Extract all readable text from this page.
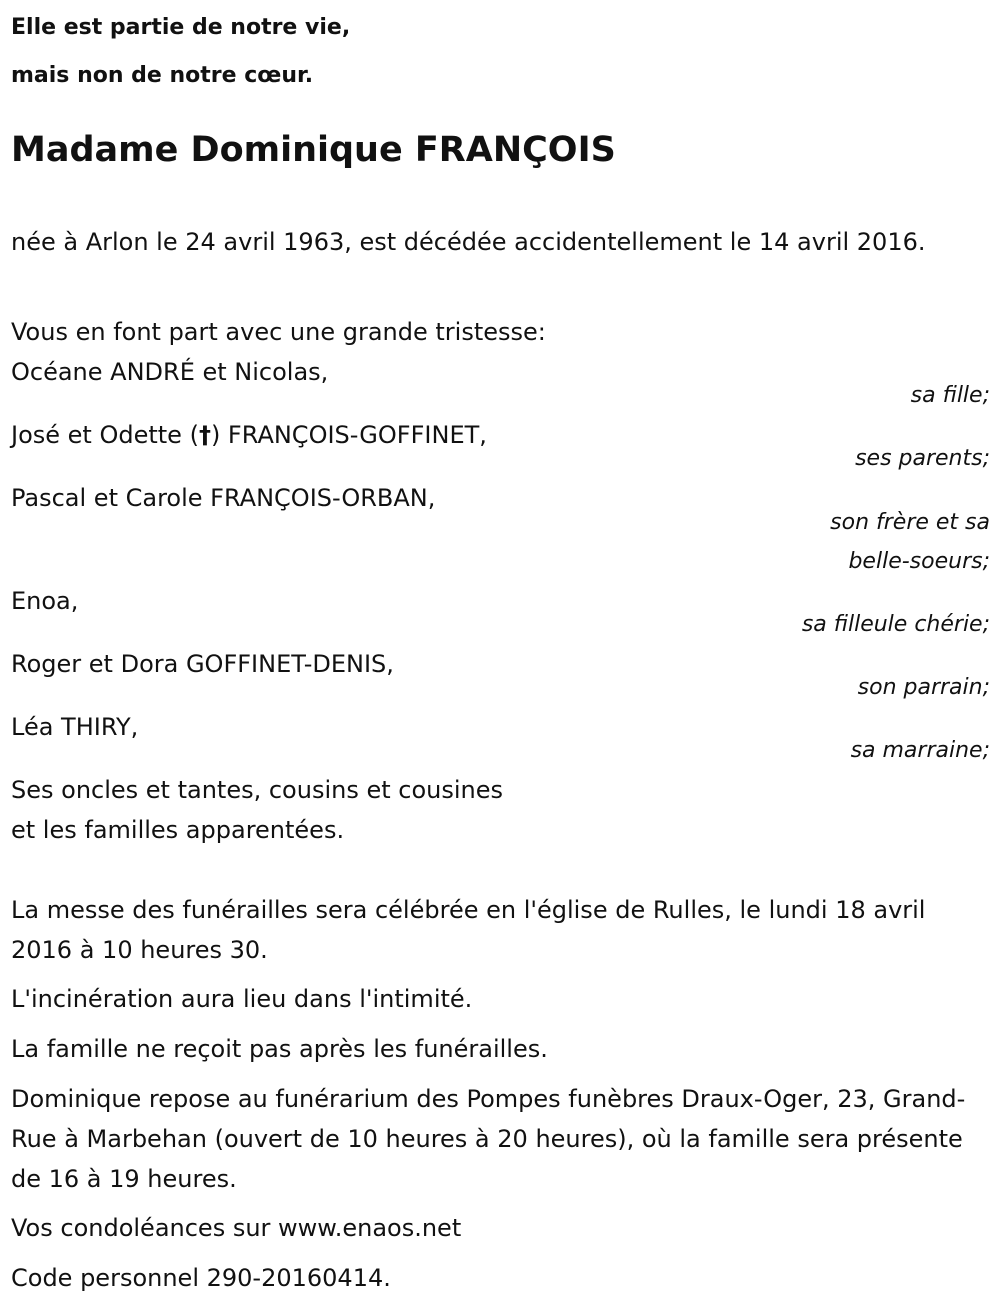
Elle est partie de notre vie,
mais non de notre cœur.
Madame Dominique FRANÇOIS

née à Arlon le 24 avril 1963, est décédée accidentellement le 14 avril 2016.

Vous en font part avec une grande tristesse:

Océane ANDRÉ et Nicolas,
sa fille;
José et Odette (†) FRANÇOIS-GOFFINET,
ses parents;
Pascal et Carole FRANÇOIS-ORBAN,
son frère et sa belle-soeurs;
Enoa,
sa filleule chérie;
Roger et Dora GOFFINET-DENIS,
son parrain;
Léa THIRY,
sa marraine;
Ses oncles et tantes, cousins et cousines
et les familles apparentées.

La messe des funérailles sera célébrée en l'église de Rulles, le lundi 18 avril 2016 à 10 heures 30.

L'incinération aura lieu dans l'intimité.

La famille ne reçoit pas après les funérailles.

Dominique repose au funérarium des Pompes funèbres Draux-Oger, 23, Grand-Rue à Marbehan (ouvert de 10 heures à 20 heures), où la famille sera présente de 16 à 19 heures.

Vos condoléances sur www.enaos.net

Code personnel 290-20160414.
